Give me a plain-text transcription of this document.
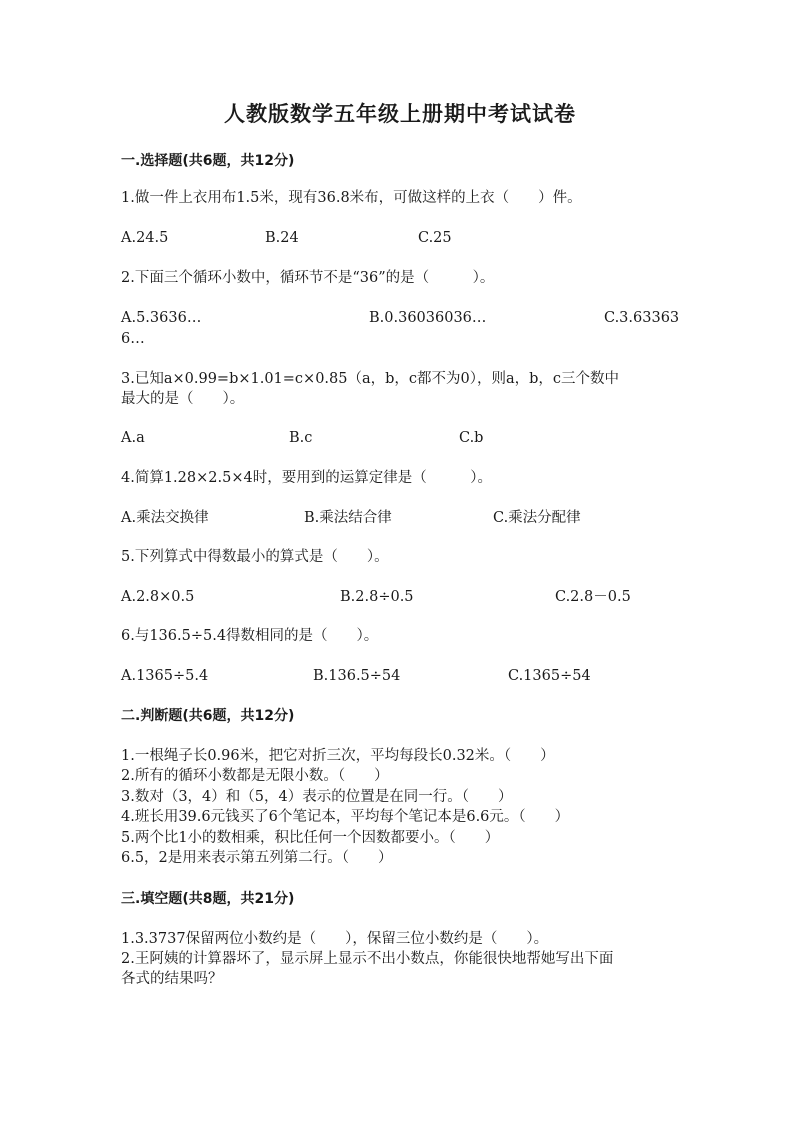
人教版数学五年级上册期中考试试卷
一.选择题(共6题，共12分)
1.做一件上衣用布1.5米，现有36.8米布，可做这样的上衣（　　）件。
A.24.5	B.24	C.25
2.下面三个循环小数中，循环节不是“36”的是（　　　）。
A.5.3636…	B.0.36036036…	C.3.63363
6…
3.已知a×0.99=b×1.01=c×0.85（a，b，c都不为0），则a，b，c三个数中
最大的是（　　）。
A.a	B.c	C.b
4.简算1.28×2.5×4时，要用到的运算定律是（　　　）。
A.乘法交换律	B.乘法结合律	C.乘法分配律
5.下列算式中得数最小的算式是（　　）。
A.2.8×0.5	B.2.8÷0.5	C.2.8－0.5
6.与136.5÷5.4得数相同的是（　　）。
A.1365÷5.4	B.136.5÷54	C.1365÷54
二.判断题(共6题，共12分)
1.一根绳子长0.96米，把它对折三次，平均每段长0.32米。（　　）
2.所有的循环小数都是无限小数。（　　）
3.数对（3，4）和（5，4）表示的位置是在同一行。（　　）
4.班长用39.6元钱买了6个笔记本，平均每个笔记本是6.6元。（　　）
5.两个比1小的数相乘，积比任何一个因数都要小。（　　）
6.5，2是用来表示第五列第二行。（　　）
三.填空题(共8题，共21分)
1.3.3737保留两位小数约是（　　），保留三位小数约是（　　）。
2.王阿姨的计算器坏了，显示屏上显示不出小数点，你能很快地帮她写出下面
各式的结果吗？
